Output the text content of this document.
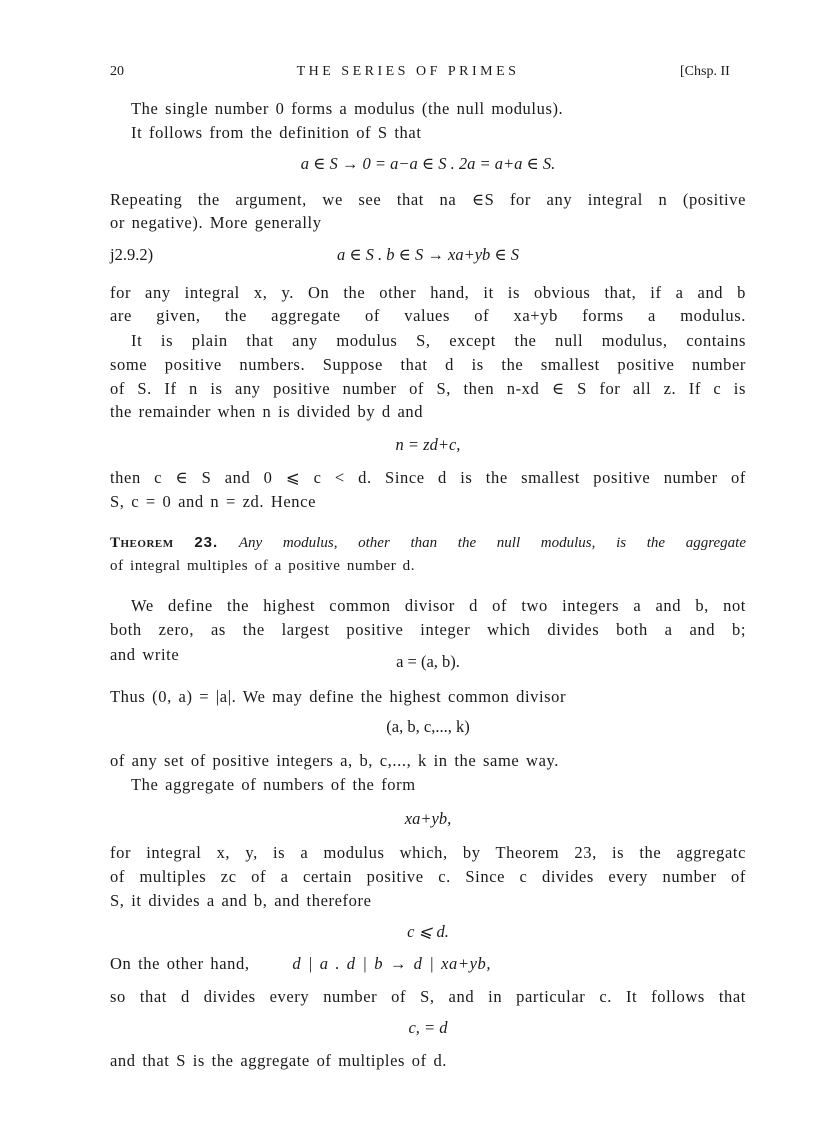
20	THE SERIES OF PRIMES	[Chsp. II
The single number 0 forms a modulus (the null modulus).
It follows from the definition of S that
a ∈ S → 0 = a−a ∈ S . 2a = a+a ∈ S.
Repeating the argument, we see that na ∈S for any integral n (positive
or negative). More generally
j2.9.2)	a ∈ S . b ∈ S → xa+yb ∈ S
for any integral x, y. On the other hand, it is obvious that, if a and b
are given, the aggregate of values of xa+yb forms a modulus.
It is plain that any modulus S, except the null modulus, contains
some positive numbers. Suppose that d is the smallest positive number
of S. If n is any positive number of S, then n-xd ∈ S for all z. If c is
the remainder when n is divided by d and
n = zd+c,
then c ∈ S and 0 ⩽ c < d. Since d is the smallest positive number of
S, c = 0 and n = zd. Hence
Theorem 23. Any modulus, other than the null modulus, is the aggregate
of integral multiples of a positive number d.
We define the highest common divisor d of two integers a and b, not
both zero, as the largest positive integer which divides both a and b;
and write	a = (a, b).
Thus (0, a) = |a|. We may define the highest common divisor
(a, b, c,..., k)
of any set of positive integers a, b, c,..., k in the same way.
The aggregate of numbers of the form
xa+yb,
for integral x, y, is a modulus which, by Theorem 23, is the aggregatc
of multiples zc of a certain positive c. Since c divides every number of
S, it divides a and b, and therefore
c ⩽ d.
On the other hand,	d | a . d | b → d | xa+yb,
so that d divides every number of S, and in particular c. It follows that
c, = d
and that S is the aggregate of multiples of d.
